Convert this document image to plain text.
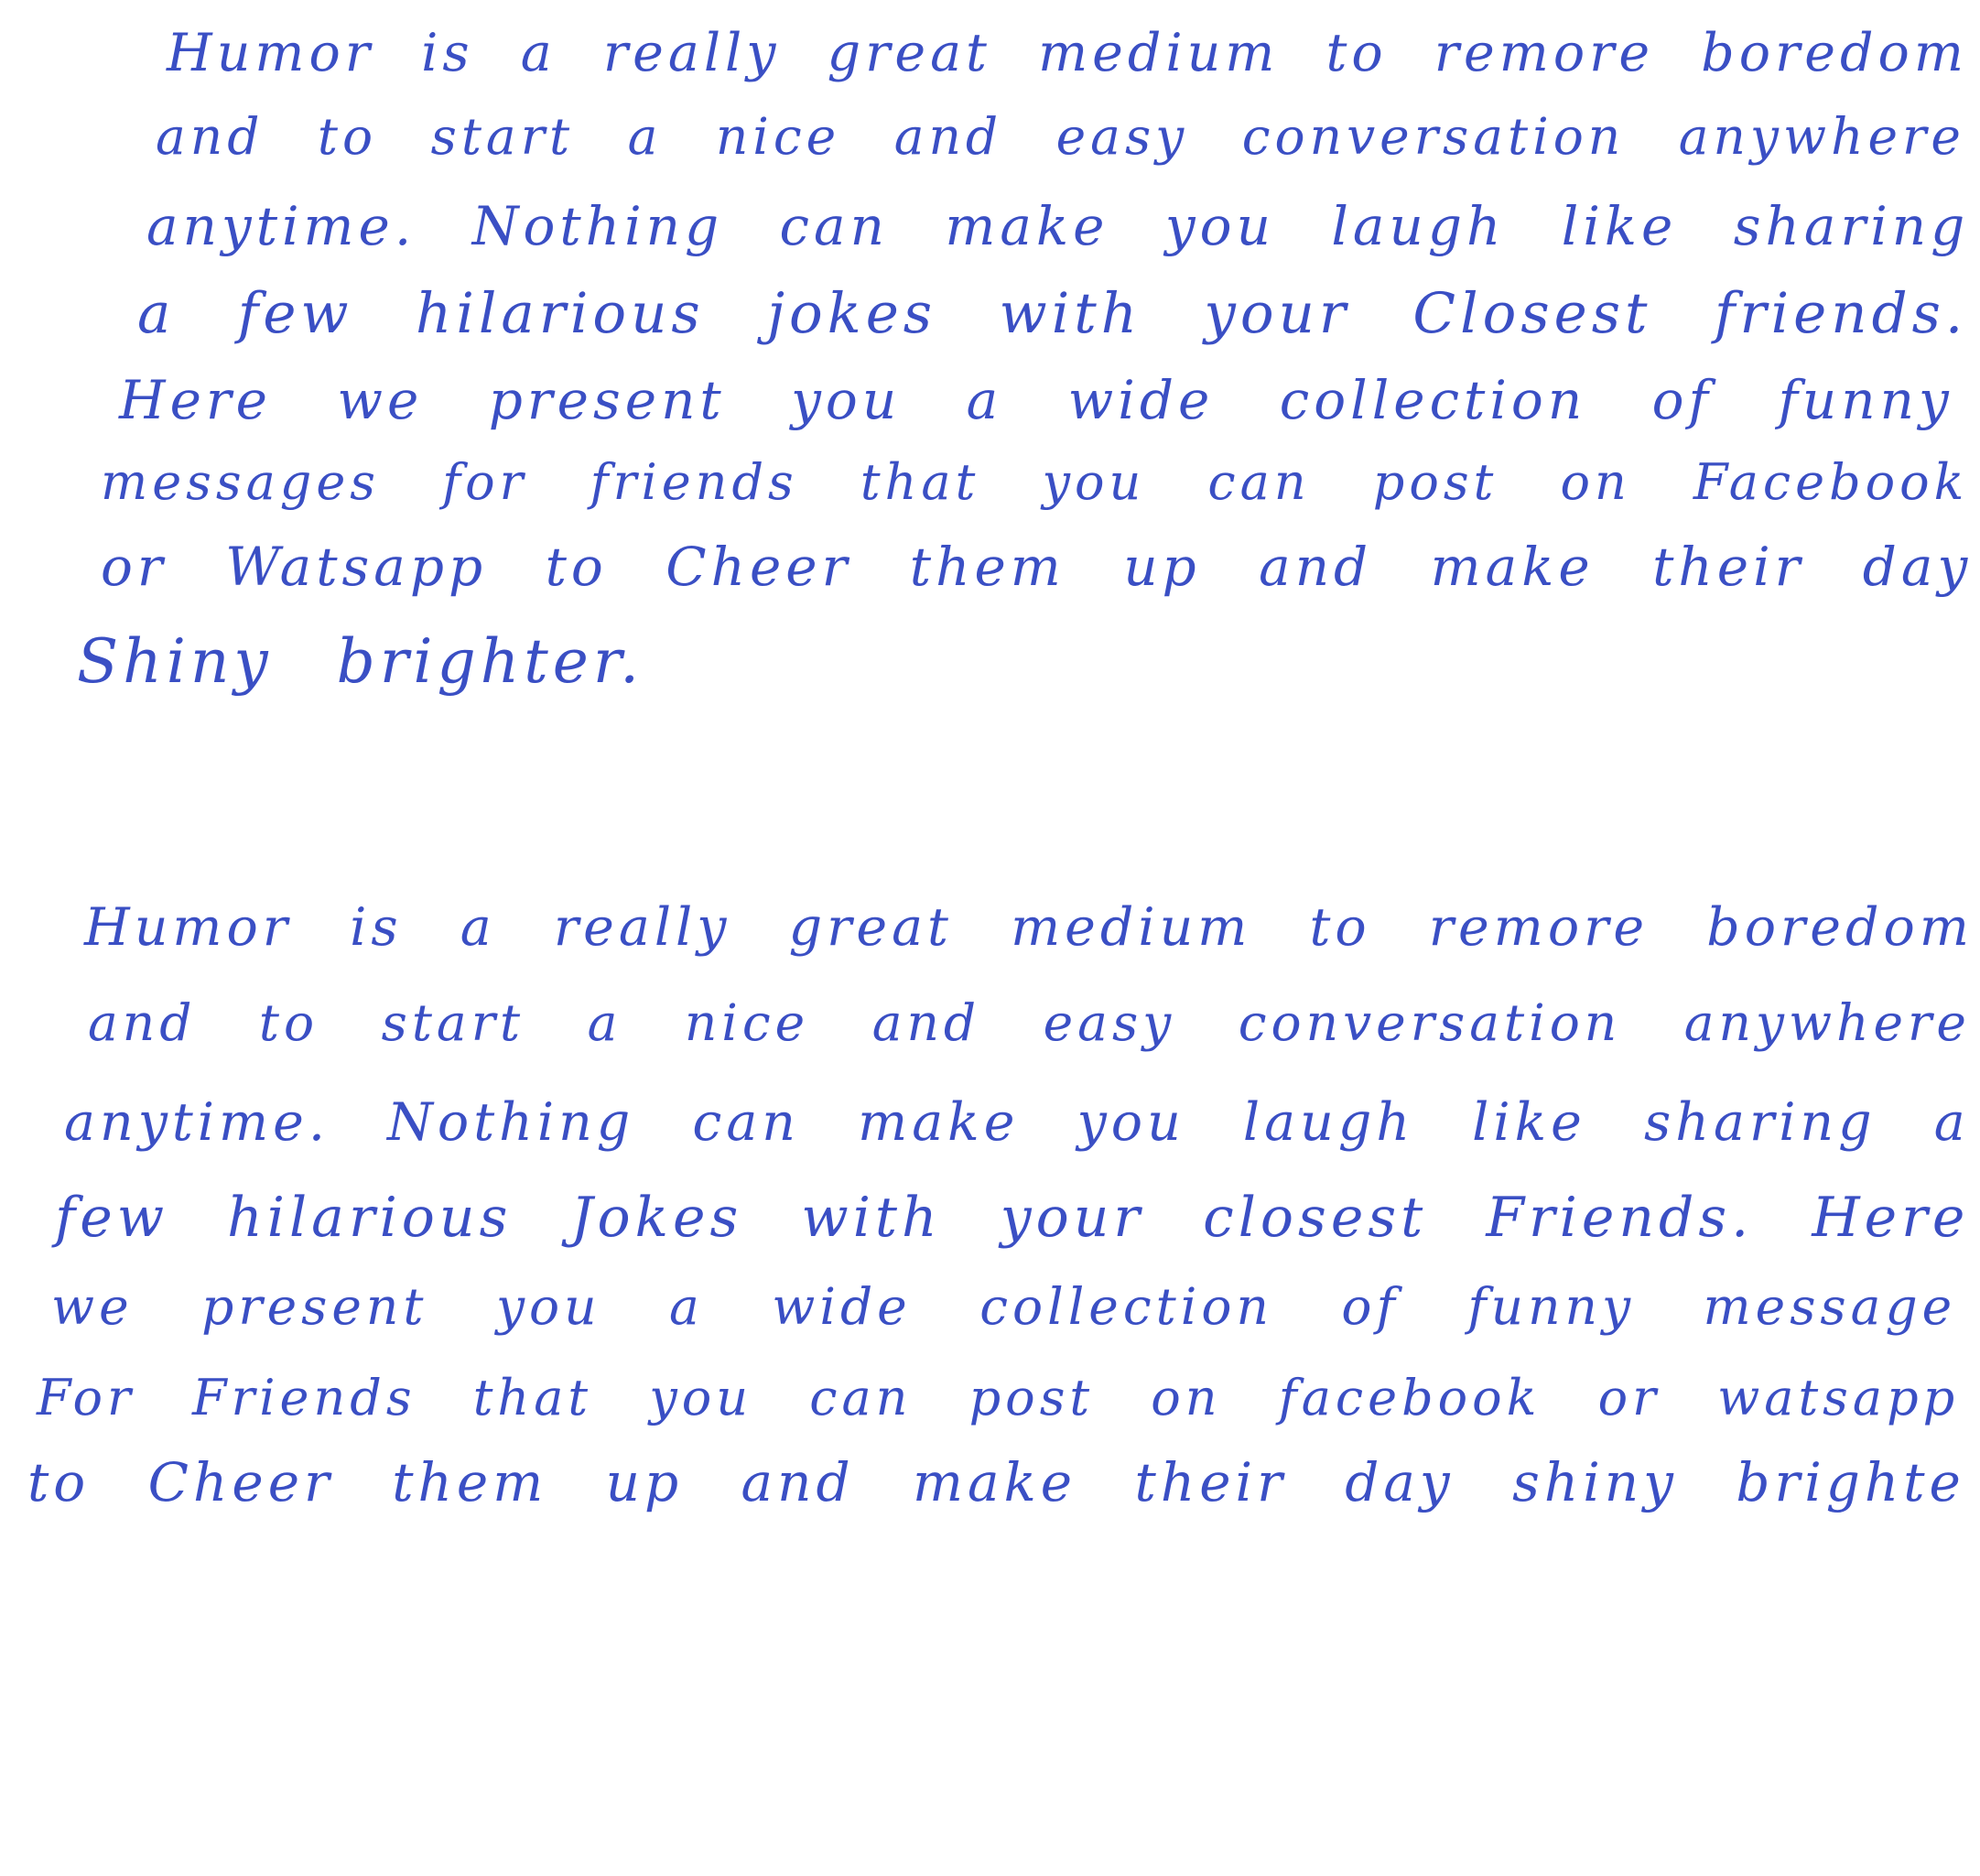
Humor is a really great medium to remore boredom
and to start a nice and easy conversation anywhere
anytime. Nothing can make you laugh like sharing
a few hilarious jokes with your Closest friends.
Here we present you a wide collection of funny
messages for friends that you can post on Facebook
or Watsapp to Cheer them up and make their day
Shiny brighter.
Humor is a really great medium to remore boredom
and to start a nice and easy conversation anywhere
anytime. Nothing can make you laugh like sharing a
few hilarious Jokes with your closest Friends. Here
we present you a wide collection of funny message
For Friends that you can post on facebook or watsapp
to Cheer them up and make their day shiny brighte
